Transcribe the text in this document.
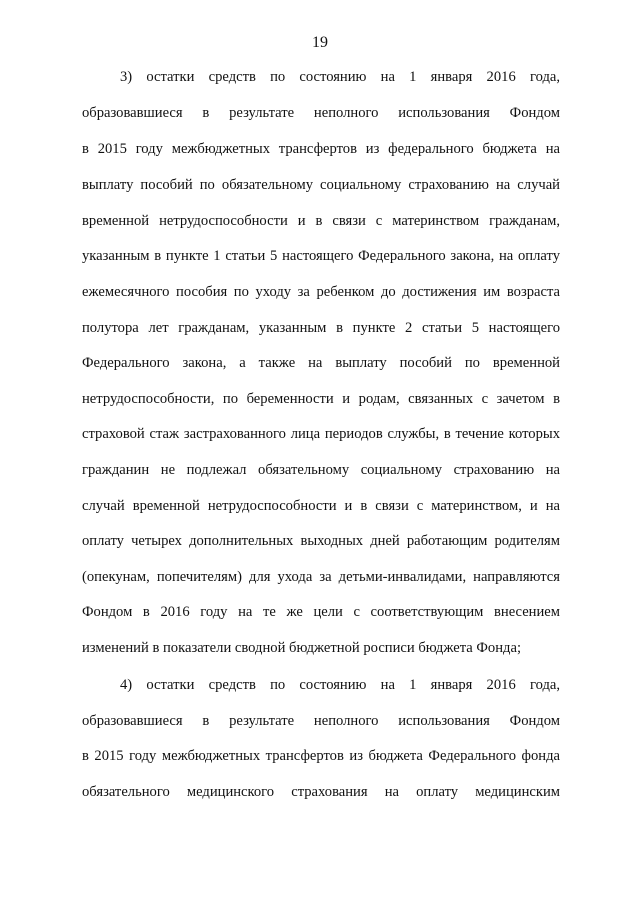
19
3) остатки средств по состоянию на 1 января 2016 года,
образовавшиеся в результате неполного использования Фондом
в 2015 году межбюджетных трансфертов из федерального бюджета на
выплату пособий по обязательному социальному страхованию на случай
временной нетрудоспособности и в связи с материнством гражданам,
указанным в пункте 1 статьи 5 настоящего Федерального закона, на оплату
ежемесячного пособия по уходу за ребенком до достижения им возраста
полутора лет гражданам, указанным в пункте 2 статьи 5 настоящего
Федерального закона, а также на выплату пособий по временной
нетрудоспособности, по беременности и родам, связанных с зачетом в
страховой стаж застрахованного лица периодов службы, в течение которых
гражданин не подлежал обязательному социальному страхованию на
случай временной нетрудоспособности и в связи с материнством, и на
оплату четырех дополнительных выходных дней работающим родителям
(опекунам, попечителям) для ухода за детьми-инвалидами, направляются
Фондом в 2016 году на те же цели с соответствующим внесением
изменений в показатели сводной бюджетной росписи бюджета Фонда;
4) остатки средств по состоянию на 1 января 2016 года,
образовавшиеся в результате неполного использования Фондом
в 2015 году межбюджетных трансфертов из бюджета Федерального фонда
обязательного медицинского страхования на оплату медицинским
